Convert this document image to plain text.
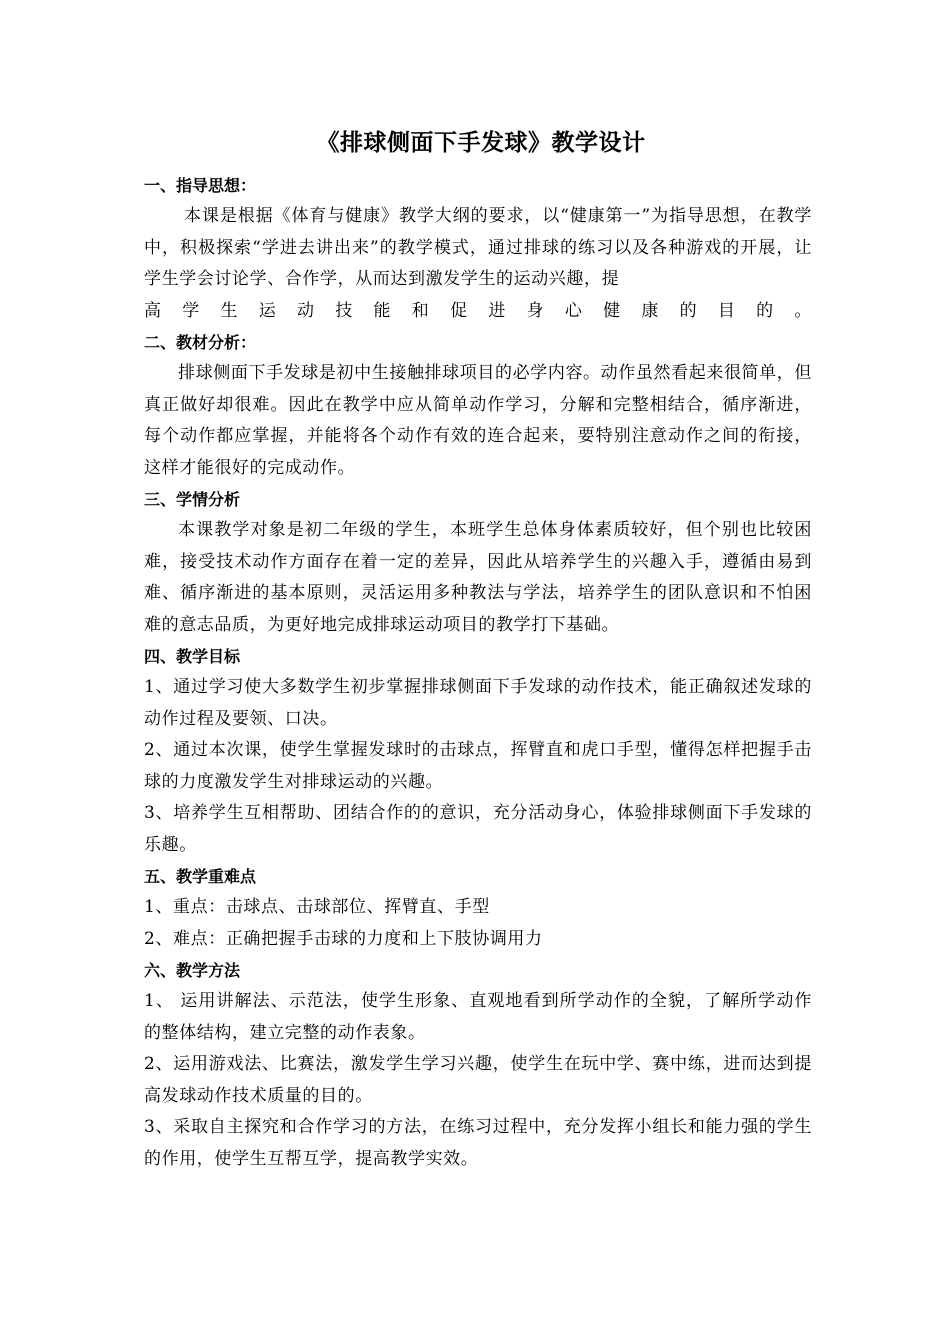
《排球侧面下手发球》教学设计

一、指导思想：

本课是根据《体育与健康》教学大纲的要求，以“健康第一”为指导思想，在教学中，积极探索“学进去讲出来”的教学模式，通过排球的练习以及各种游戏的开展，让学生学会讨论学、合作学，从而达到激发学生的运动兴趣，提

高学生运动技能和促进身心健康的目的。

二、教材分析：

排球侧面下手发球是初中生接触排球项目的必学内容。动作虽然看起来很简单，但真正做好却很难。因此在教学中应从简单动作学习，分解和完整相结合，循序渐进，每个动作都应掌握，并能将各个动作有效的连合起来，要特别注意动作之间的衔接，这样才能很好的完成动作。

三、学情分析

本课教学对象是初二年级的学生，本班学生总体身体素质较好，但个别也比较困难，接受技术动作方面存在着一定的差异，因此从培养学生的兴趣入手，遵循由易到难、循序渐进的基本原则，灵活运用多种教法与学法，培养学生的团队意识和不怕困难的意志品质，为更好地完成排球运动项目的教学打下基础。

四、教学目标

1、通过学习使大多数学生初步掌握排球侧面下手发球的动作技术，能正确叙述发球的动作过程及要领、口决。

2、通过本次课，使学生掌握发球时的击球点，挥臂直和虎口手型，懂得怎样把握手击球的力度激发学生对排球运动的兴趣。

3、培养学生互相帮助、团结合作的的意识，充分活动身心，体验排球侧面下手发球的乐趣。

五、教学重难点

1、重点：击球点、击球部位、挥臂直、手型

2、难点：正确把握手击球的力度和上下肢协调用力

六、教学方法

1、 运用讲解法、示范法，使学生形象、直观地看到所学动作的全貌，了解所学动作的整体结构，建立完整的动作表象。

2、运用游戏法、比赛法，激发学生学习兴趣，使学生在玩中学、赛中练，进而达到提高发球动作技术质量的目的。

3、采取自主探究和合作学习的方法，在练习过程中，充分发挥小组长和能力强的学生的作用，使学生互帮互学，提高教学实效。
